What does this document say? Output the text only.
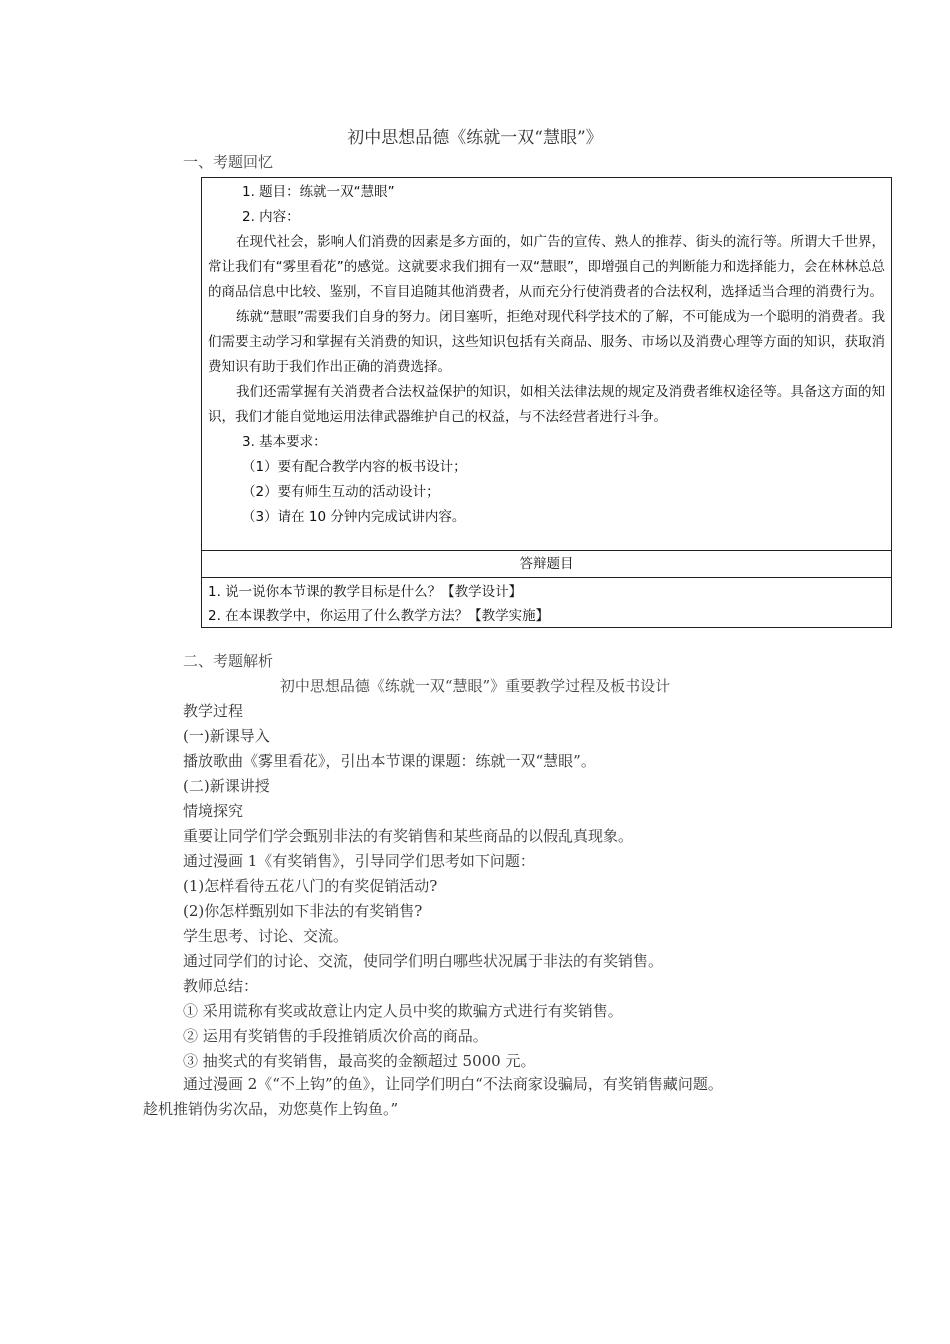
初中思想品德《练就一双“慧眼”》
一、考题回忆
1. 题目：练就一双“慧眼”
2. 内容：
在现代社会，影响人们消费的因素是多方面的，如广告的宣传、熟人的推荐、街头的流行等。所谓大千世界，常让我们有“雾里看花”的感觉。这就要求我们拥有一双“慧眼”，即增强自己的判断能力和选择能力，会在林林总总的商品信息中比较、鉴别，不盲目追随其他消费者，从而充分行使消费者的合法权利，选择适当合理的消费行为。
练就“慧眼”需要我们自身的努力。闭目塞听，拒绝对现代科学技术的了解，不可能成为一个聪明的消费者。我们需要主动学习和掌握有关消费的知识，这些知识包括有关商品、服务、市场以及消费心理等方面的知识，获取消费知识有助于我们作出正确的消费选择。
我们还需掌握有关消费者合法权益保护的知识，如相关法律法规的规定及消费者维权途径等。具备这方面的知识，我们才能自觉地运用法律武器维护自己的权益，与不法经营者进行斗争。
3. 基本要求：
（1）要有配合教学内容的板书设计；
（2）要有师生互动的活动设计；
（3）请在 10 分钟内完成试讲内容。
答辩题目
1. 说一说你本节课的教学目标是什么？【教学设计】
2. 在本课教学中，你运用了什么教学方法？【教学实施】
二、考题解析
初中思想品德《练就一双“慧眼”》重要教学过程及板书设计
教学过程
(一)新课导入
播放歌曲《雾里看花》，引出本节课的课题：练就一双“慧眼”。
(二)新课讲授
情境探究
重要让同学们学会甄别非法的有奖销售和某些商品的以假乱真现象。
通过漫画 1《有奖销售》，引导同学们思考如下问题：
(1)怎样看待五花八门的有奖促销活动?
(2)你怎样甄别如下非法的有奖销售?
学生思考、讨论、交流。
通过同学们的讨论、交流，使同学们明白哪些状况属于非法的有奖销售。
教师总结：
① 采用谎称有奖或故意让内定人员中奖的欺骗方式进行有奖销售。
② 运用有奖销售的手段推销质次价高的商品。
③ 抽奖式的有奖销售，最高奖的金额超过 5000 元。
通过漫画 2《“不上钩”的鱼》，让同学们明白“不法商家设骗局，有奖销售藏问题。
趁机推销伪劣次品，劝您莫作上钩鱼。”
